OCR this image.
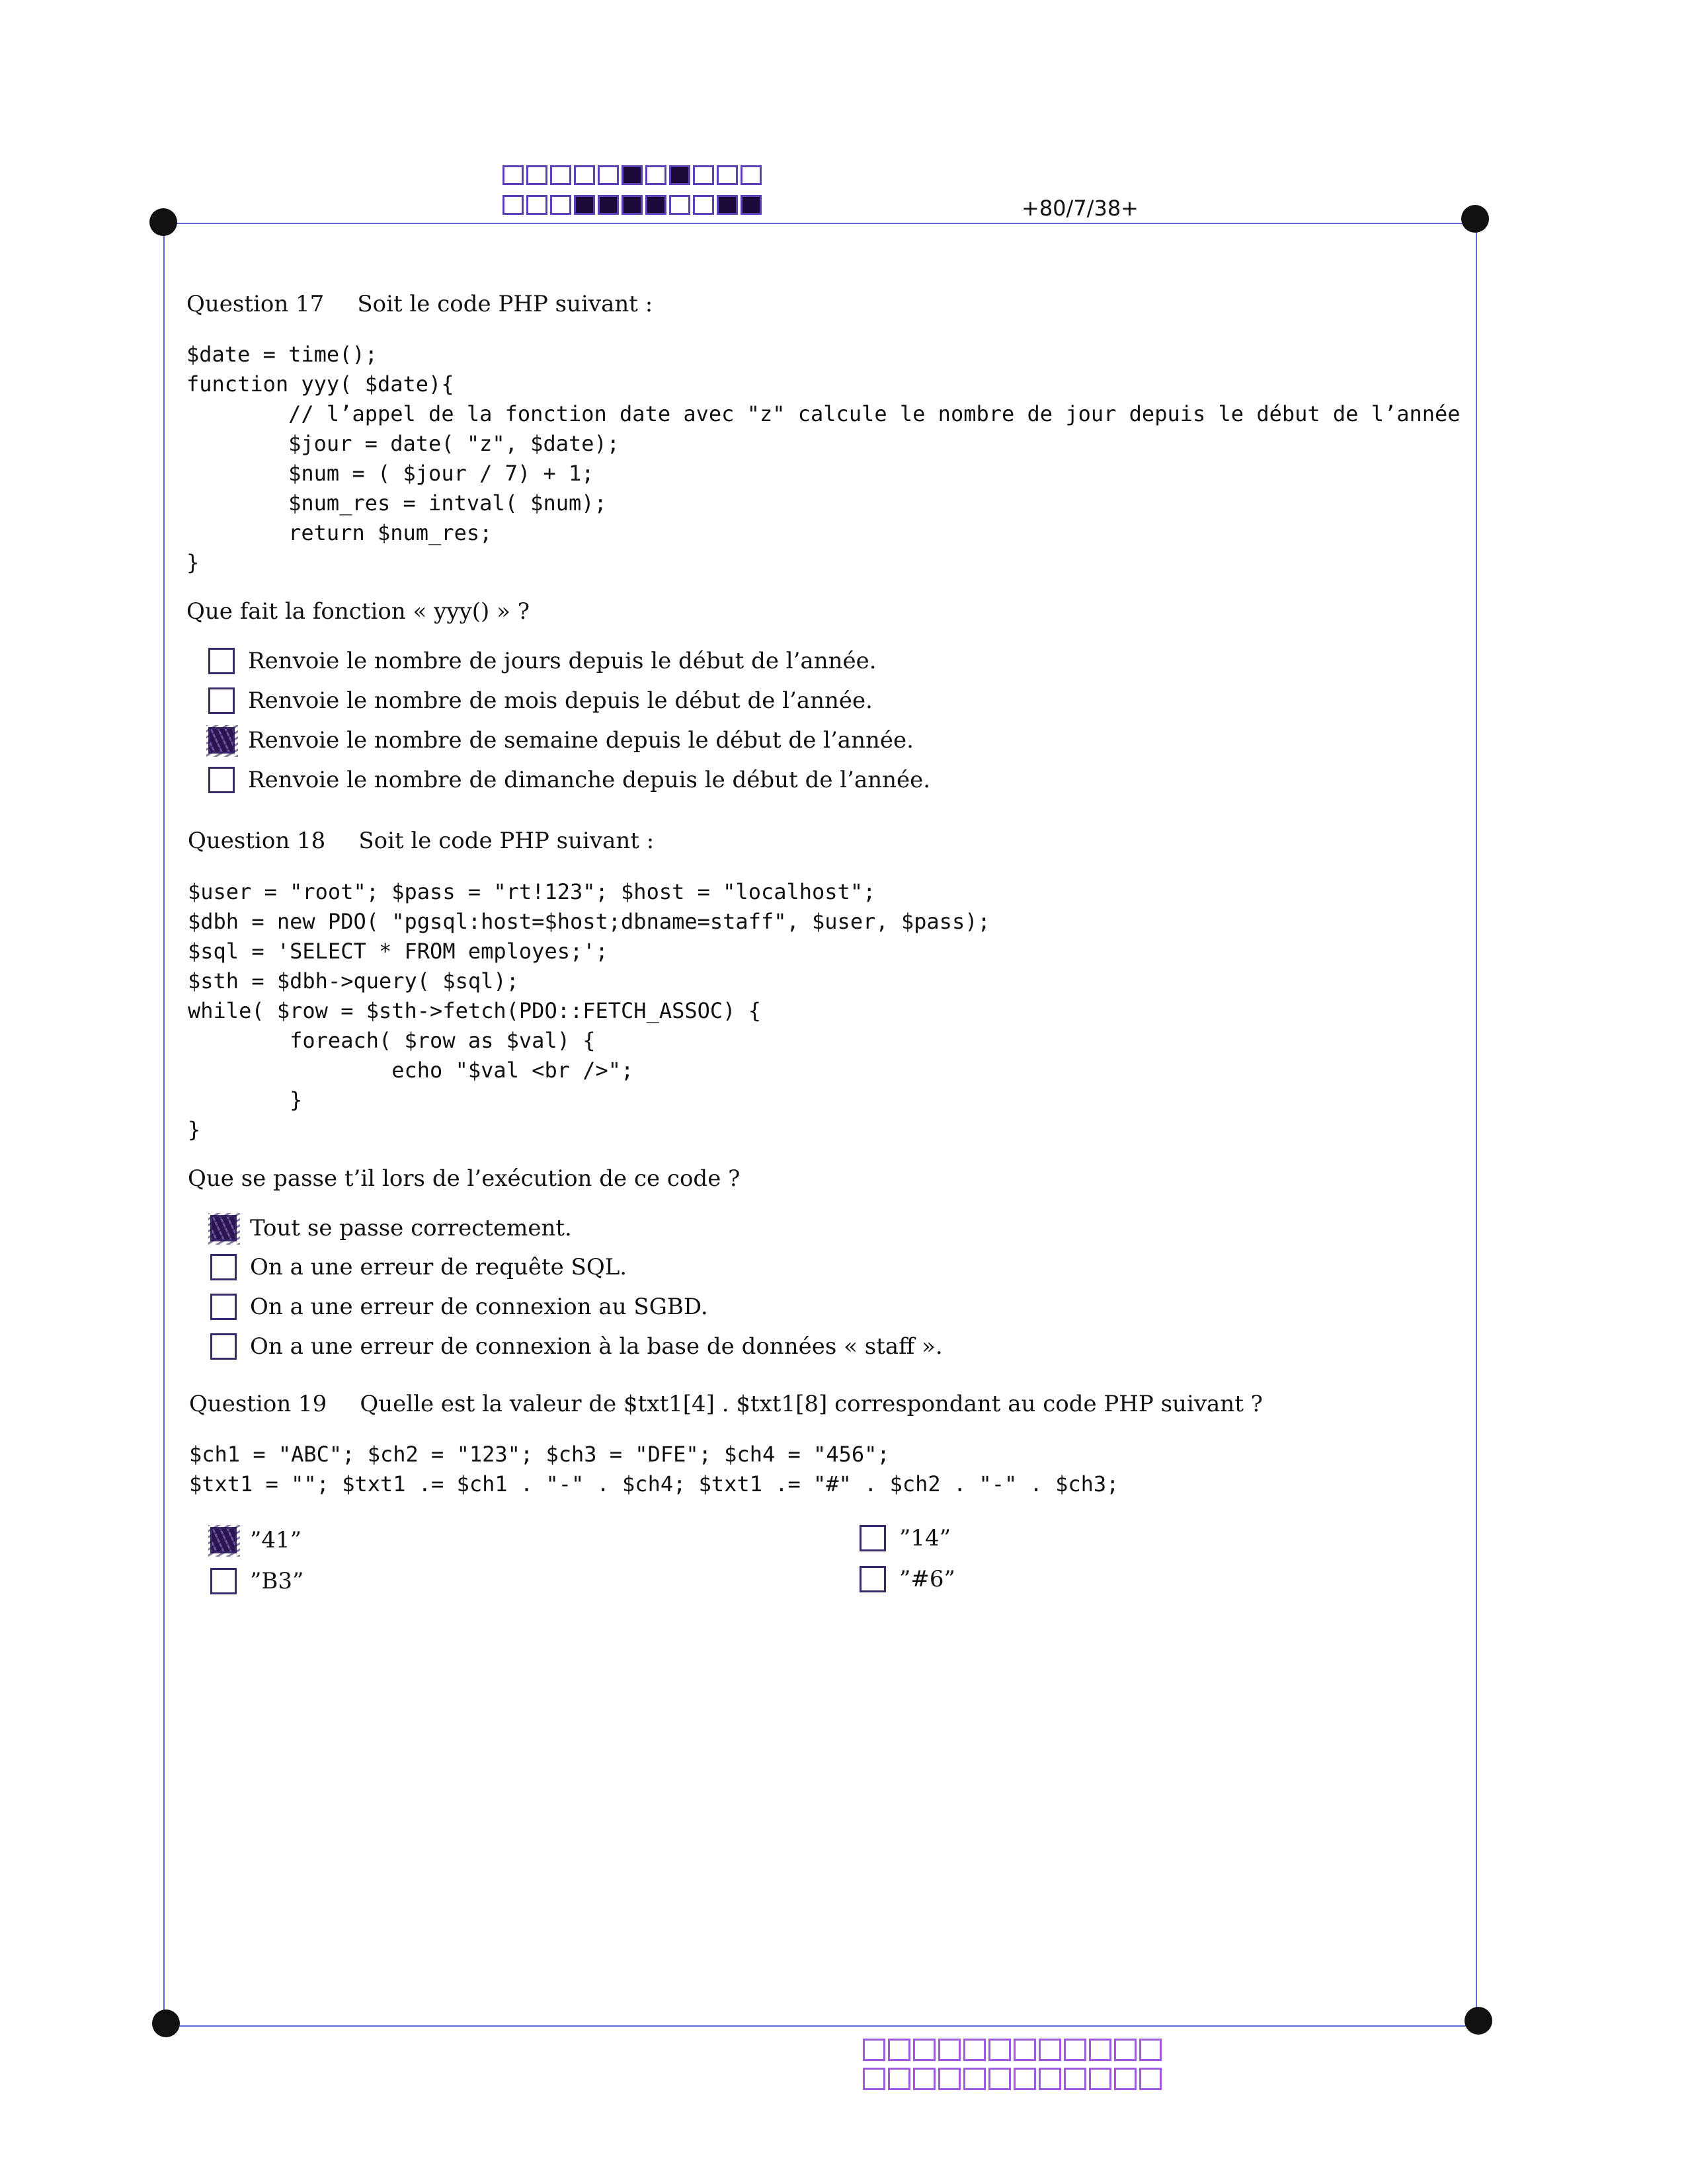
+80/7/38+
Question 17 Soit le code PHP suivant :
$date = time();
function yyy( $date){
// l’appel de la fonction date avec "z" calcule le nombre de jour depuis le début de l’année
$jour = date( "z", $date);
$num = ( $jour / 7) + 1;
$num_res = intval( $num);
return $num_res;
}
Que fait la fonction « yyy() » ?
Renvoie le nombre de jours depuis le début de l’année.
Renvoie le nombre de mois depuis le début de l’année.
Renvoie le nombre de semaine depuis le début de l’année.
Renvoie le nombre de dimanche depuis le début de l’année.
Question 18 Soit le code PHP suivant :
$user = "root"; $pass = "rt!123"; $host = "localhost";
$dbh = new PDO( "pgsql:host=$host;dbname=staff", $user, $pass);
$sql = 'SELECT * FROM employes;';
$sth = $dbh->query( $sql);
while( $row = $sth->fetch(PDO::FETCH_ASSOC) {
foreach( $row as $val) {
echo "$val <br />";
}
}
Que se passe t’il lors de l’exécution de ce code ?
Tout se passe correctement.
On a une erreur de requête SQL.
On a une erreur de connexion au SGBD.
On a une erreur de connexion à la base de données « staff ».
Question 19 Quelle est la valeur de $txt1[4] . $txt1[8] correspondant au code PHP suivant ?
$ch1 = "ABC"; $ch2 = "123"; $ch3 = "DFE"; $ch4 = "456";
$txt1 = ""; $txt1 .= $ch1 . "-" . $ch4; $txt1 .= "#" . $ch2 . "-" . $ch3;
”41”	”14”
”B3”	”#6”
